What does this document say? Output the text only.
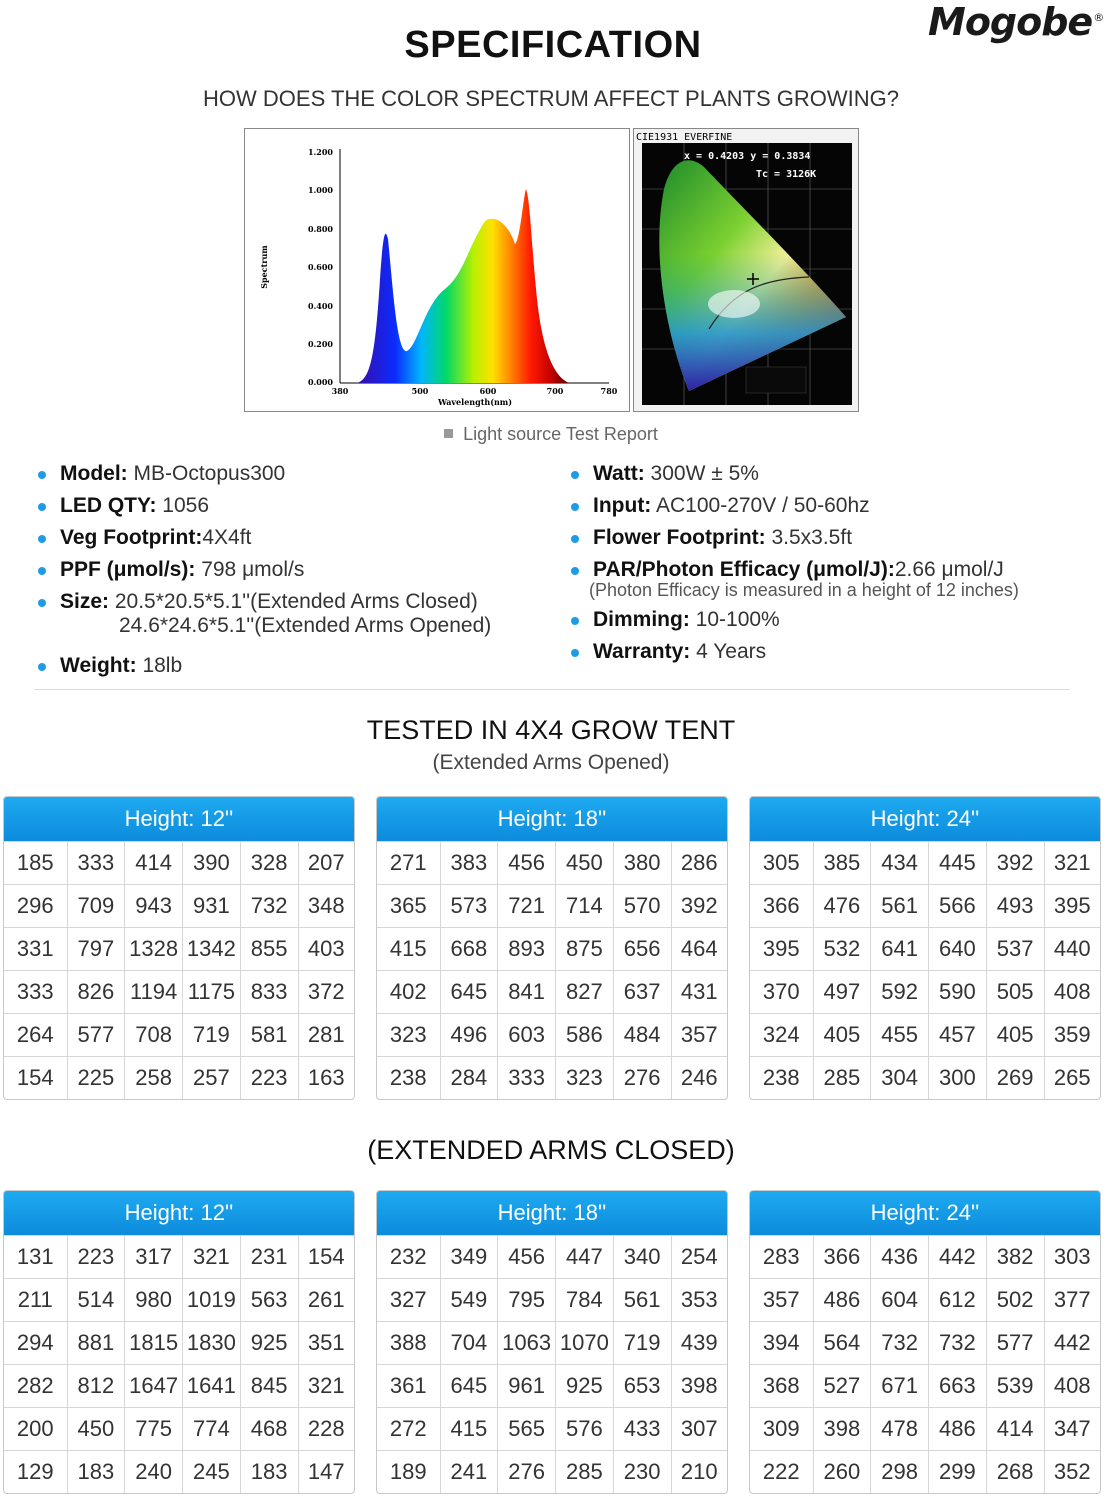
Mogobe®
SPECIFICATION
HOW DOES THE COLOR SPECTRUM AFFECT PLANTS GROWING?
1.200
1.000
0.800
0.600
0.400
0.200
0.000
380	500	600	700	780
Wavelength(nm)
Spectrum
CIE1931 EVERFINE
x = 0.4203 y = 0.3834
Tc = 3126K
Light source Test Report
Model: MB-Octopus300
LED QTY: 1056
Veg Footprint:4X4ft
PPF (μmol/s): 798 μmol/s
Size: 20.5*20.5*5.1''(Extended Arms Closed)
24.6*24.6*5.1''(Extended Arms Opened)
Weight: 18lb
Watt: 300W ± 5%
Input: AC100-270V / 50-60hz
Flower Footprint: 3.5x3.5ft
PAR/Photon Efficacy (μmol/J):2.66 μmol/J
(Photon Efficacy is measured in a height of 12 inches)
Dimming: 10-100%
Warranty: 4 Years
TESTED IN 4X4 GROW TENT
(Extended Arms Opened)
Height: 12''
185	333	414	390	328	207
296	709	943	931	732	348
331	797	1328	1342	855	403
333	826	1194	1175	833	372
264	577	708	719	581	281
154	225	258	257	223	163
Height: 18''
271	383	456	450	380	286
365	573	721	714	570	392
415	668	893	875	656	464
402	645	841	827	637	431
323	496	603	586	484	357
238	284	333	323	276	246
Height: 24''
305	385	434	445	392	321
366	476	561	566	493	395
395	532	641	640	537	440
370	497	592	590	505	408
324	405	455	457	405	359
238	285	304	300	269	265
(EXTENDED ARMS CLOSED)
Height: 12''
131	223	317	321	231	154
211	514	980	1019	563	261
294	881	1815	1830	925	351
282	812	1647	1641	845	321
200	450	775	774	468	228
129	183	240	245	183	147
Height: 18''
232	349	456	447	340	254
327	549	795	784	561	353
388	704	1063	1070	719	439
361	645	961	925	653	398
272	415	565	576	433	307
189	241	276	285	230	210
Height: 24''
283	366	436	442	382	303
357	486	604	612	502	377
394	564	732	732	577	442
368	527	671	663	539	408
309	398	478	486	414	347
222	260	298	299	268	352
